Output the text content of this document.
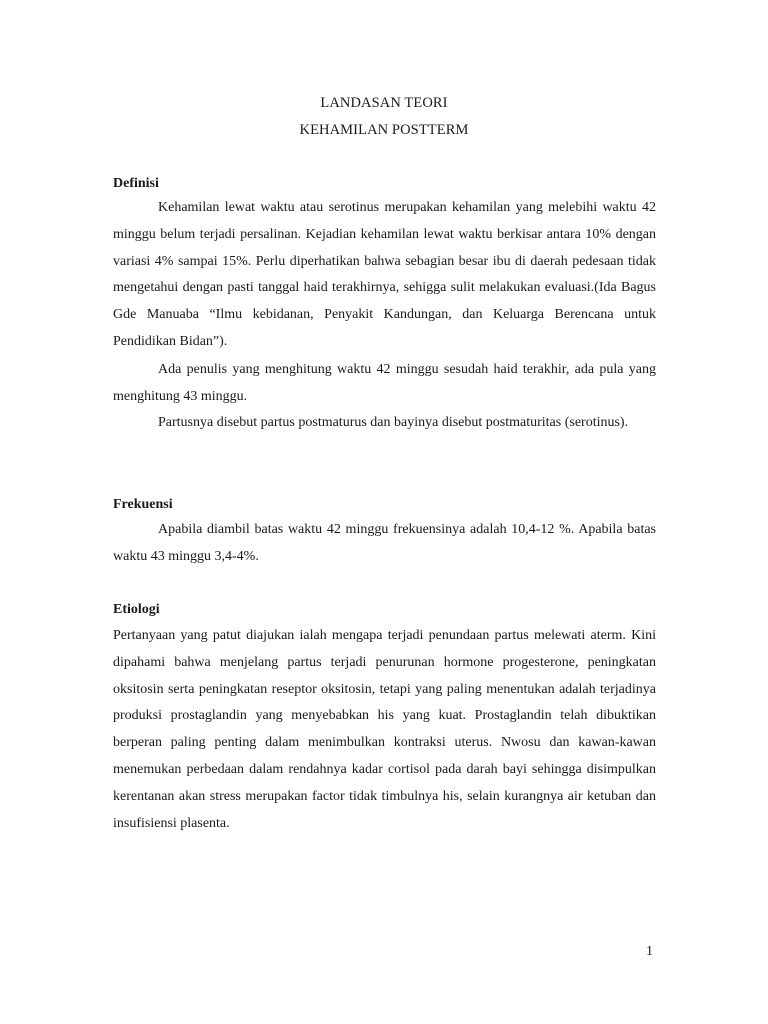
LANDASAN TEORI
KEHAMILAN POSTTERM
Definisi

Kehamilan lewat waktu atau serotinus merupakan kehamilan yang melebihi waktu 42 minggu belum terjadi persalinan. Kejadian kehamilan lewat waktu berkisar antara 10% dengan variasi 4% sampai 15%. Perlu diperhatikan bahwa sebagian besar ibu di daerah pedesaan tidak mengetahui dengan pasti tanggal haid terakhirnya, sehigga sulit melakukan evaluasi.(Ida Bagus Gde Manuaba “Ilmu kebidanan, Penyakit Kandungan, dan Keluarga Berencana untuk Pendidikan Bidan”).

Ada penulis yang menghitung waktu 42 minggu sesudah haid terakhir, ada pula yang menghitung 43 minggu.

Partusnya disebut partus postmaturus dan bayinya disebut postmaturitas (serotinus).

Frekuensi

Apabila diambil batas waktu 42 minggu frekuensinya adalah 10,4-12 %. Apabila batas waktu 43 minggu 3,4-4%.

Etiologi

Pertanyaan yang patut diajukan ialah mengapa terjadi penundaan partus melewati aterm. Kini dipahami bahwa menjelang partus terjadi penurunan hormone progesterone, peningkatan oksitosin serta peningkatan reseptor oksitosin, tetapi yang paling menentukan adalah terjadinya produksi prostaglandin yang menyebabkan his yang kuat. Prostaglandin telah dibuktikan berperan paling penting dalam menimbulkan kontraksi uterus. Nwosu dan kawan-kawan menemukan perbedaan dalam rendahnya kadar cortisol pada darah bayi sehingga disimpulkan kerentanan akan stress merupakan factor tidak timbulnya his, selain kurangnya air ketuban dan insufisiensi plasenta.

1
